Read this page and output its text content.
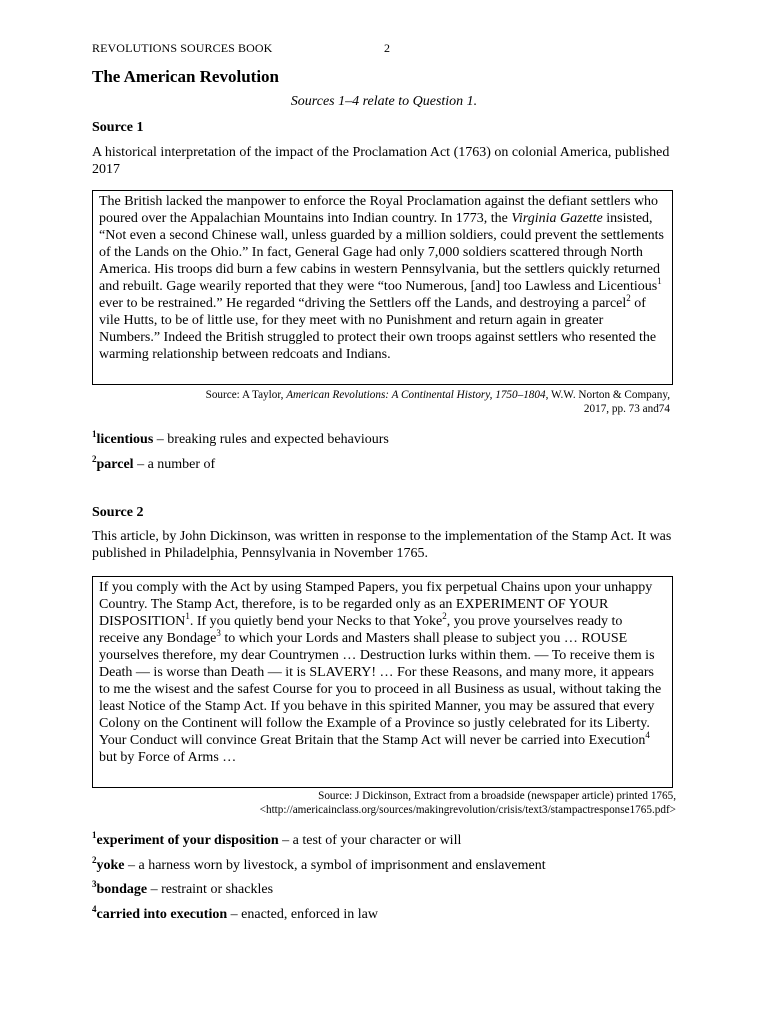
REVOLUTIONS SOURCES BOOK	2
The American Revolution
Sources 1–4 relate to Question 1.
Source 1
A historical interpretation of the impact of the Proclamation Act (1763) on colonial America, published 2017

The British lacked the manpower to enforce the Royal Proclamation against the defiant settlers who poured over the Appalachian Mountains into Indian country. In 1773, the Virginia Gazette insisted, “Not even a second Chinese wall, unless guarded by a million soldiers, could prevent the settlements of the Lands on the Ohio.” In fact, General Gage had only 7,000 soldiers scattered through North America. His troops did burn a few cabins in western Pennsylvania, but the settlers quickly returned and rebuilt. Gage wearily reported that they were “too Numerous, [and] too Lawless and Licentious$^1$ ever to be restrained.” He regarded “driving the Settlers off the Lands, and destroying a parcel$^2$ of vile Hutts, to be of little use, for they meet with no Punishment and return again in greater Numbers.” Indeed the British struggled to protect their own troops against settlers who resented the warming relationship between redcoats and Indians.

Source: A Taylor, American Revolutions: A Continental History, 1750–1804, W.W. Norton & Company,
2017, pp. 73 and74
$^1$licentious – breaking rules and expected behaviours
$^2$parcel – a number of
Source 2
This article, by John Dickinson, was written in response to the implementation of the Stamp Act. It was published in Philadelphia, Pennsylvania in November 1765.

If you comply with the Act by using Stamped Papers, you fix perpetual Chains upon your unhappy Country. The Stamp Act, therefore, is to be regarded only as an EXPERIMENT OF YOUR DISPOSITION$^1$. If you quietly bend your Necks to that Yoke$^2$, you prove yourselves ready to receive any Bondage$^3$ to which your Lords and Masters shall please to subject you … ROUSE yourselves therefore, my dear Countrymen … Destruction lurks within them. — To receive them is Death — is worse than Death — it is SLAVERY! … For these Reasons, and many more, it appears to me the wisest and the safest Course for you to proceed in all Business as usual, without taking the least Notice of the Stamp Act. If you behave in this spirited Manner, you may be assured that every Colony on the Continent will follow the Example of a Province so justly celebrated for its Liberty. Your Conduct will convince Great Britain that the Stamp Act will never be carried into Execution$^4$ but by Force of Arms …

Source: J Dickinson, Extract from a broadside (newspaper article) printed 1765,
<http://americainclass.org/sources/makingrevolution/crisis/text3/stampactresponse1765.pdf>
$^1$experiment of your disposition – a test of your character or will
$^2$yoke – a harness worn by livestock, a symbol of imprisonment and enslavement
$^3$bondage – restraint or shackles
$^4$carried into execution – enacted, enforced in law
